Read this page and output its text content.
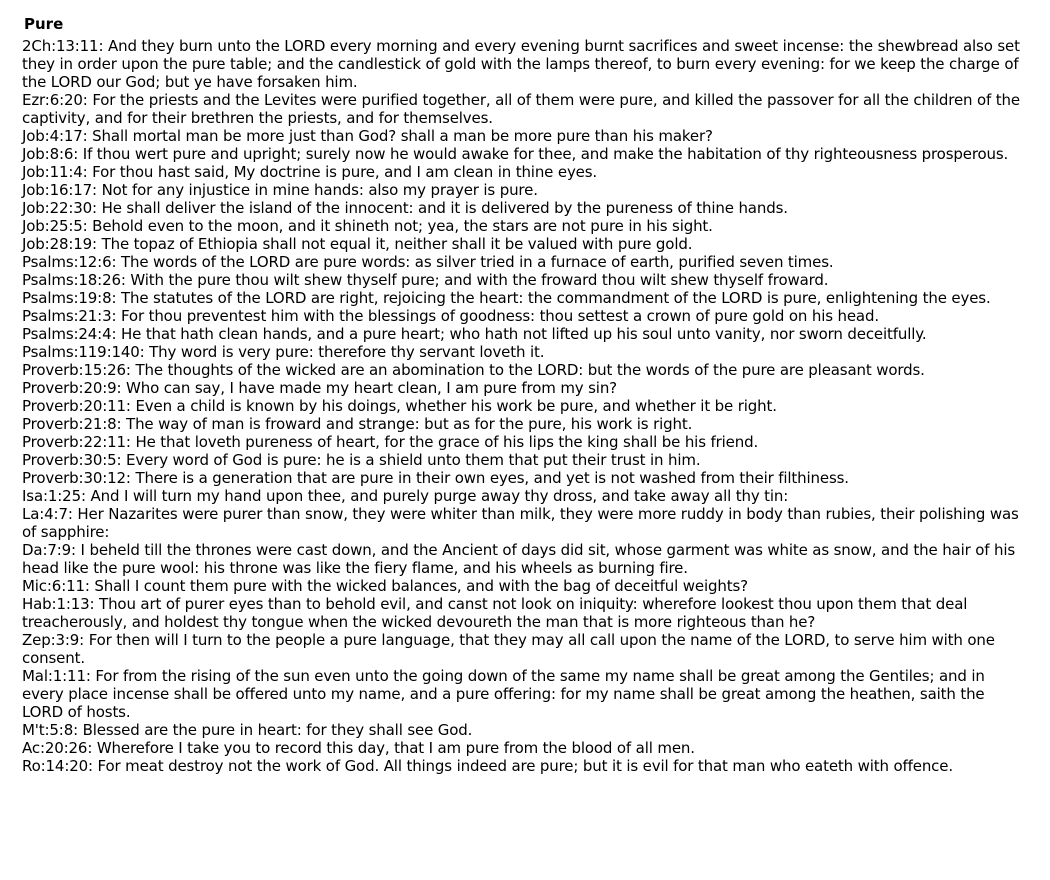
Pure
2Ch:13:11: And they burn unto the LORD every morning and every evening burnt sacrifices and sweet incense: the shewbread also set they in order upon the pure table; and the candlestick of gold with the lamps thereof, to burn every evening: for we keep the charge of the LORD our God; but ye have forsaken him.
Ezr:6:20: For the priests and the Levites were purified together, all of them were pure, and killed the passover for all the children of the captivity, and for their brethren the priests, and for themselves.
Job:4:17: Shall mortal man be more just than God? shall a man be more pure than his maker?
Job:8:6: If thou wert pure and upright; surely now he would awake for thee, and make the habitation of thy righteousness prosperous.
Job:11:4: For thou hast said, My doctrine is pure, and I am clean in thine eyes.
Job:16:17: Not for any injustice in mine hands: also my prayer is pure.
Job:22:30: He shall deliver the island of the innocent: and it is delivered by the pureness of thine hands.
Job:25:5: Behold even to the moon, and it shineth not; yea, the stars are not pure in his sight.
Job:28:19: The topaz of Ethiopia shall not equal it, neither shall it be valued with pure gold.
Psalms:12:6: The words of the LORD are pure words: as silver tried in a furnace of earth, purified seven times.
Psalms:18:26: With the pure thou wilt shew thyself pure; and with the froward thou wilt shew thyself froward.
Psalms:19:8: The statutes of the LORD are right, rejoicing the heart: the commandment of the LORD is pure, enlightening the eyes.
Psalms:21:3: For thou preventest him with the blessings of goodness: thou settest a crown of pure gold on his head.
Psalms:24:4: He that hath clean hands, and a pure heart; who hath not lifted up his soul unto vanity, nor sworn deceitfully.
Psalms:119:140: Thy word is very pure: therefore thy servant loveth it.
Proverb:15:26: The thoughts of the wicked are an abomination to the LORD: but the words of the pure are pleasant words.
Proverb:20:9: Who can say, I have made my heart clean, I am pure from my sin?
Proverb:20:11: Even a child is known by his doings, whether his work be pure, and whether it be right.
Proverb:21:8: The way of man is froward and strange: but as for the pure, his work is right.
Proverb:22:11: He that loveth pureness of heart, for the grace of his lips the king shall be his friend.
Proverb:30:5: Every word of God is pure: he is a shield unto them that put their trust in him.
Proverb:30:12: There is a generation that are pure in their own eyes, and yet is not washed from their filthiness.
Isa:1:25: And I will turn my hand upon thee, and purely purge away thy dross, and take away all thy tin:
La:4:7: Her Nazarites were purer than snow, they were whiter than milk, they were more ruddy in body than rubies, their polishing was of sapphire:
Da:7:9: I beheld till the thrones were cast down, and the Ancient of days did sit, whose garment was white as snow, and the hair of his head like the pure wool: his throne was like the fiery flame, and his wheels as burning fire.
Mic:6:11: Shall I count them pure with the wicked balances, and with the bag of deceitful weights?
Hab:1:13: Thou art of purer eyes than to behold evil, and canst not look on iniquity: wherefore lookest thou upon them that deal treacherously, and holdest thy tongue when the wicked devoureth the man that is more righteous than he?
Zep:3:9: For then will I turn to the people a pure language, that they may all call upon the name of the LORD, to serve him with one consent.
Mal:1:11: For from the rising of the sun even unto the going down of the same my name shall be great among the Gentiles; and in every place incense shall be offered unto my name, and a pure offering: for my name shall be great among the heathen, saith the LORD of hosts.
M't:5:8: Blessed are the pure in heart: for they shall see God.
Ac:20:26: Wherefore I take you to record this day, that I am pure from the blood of all men.
Ro:14:20: For meat destroy not the work of God. All things indeed are pure; but it is evil for that man who eateth with offence.
